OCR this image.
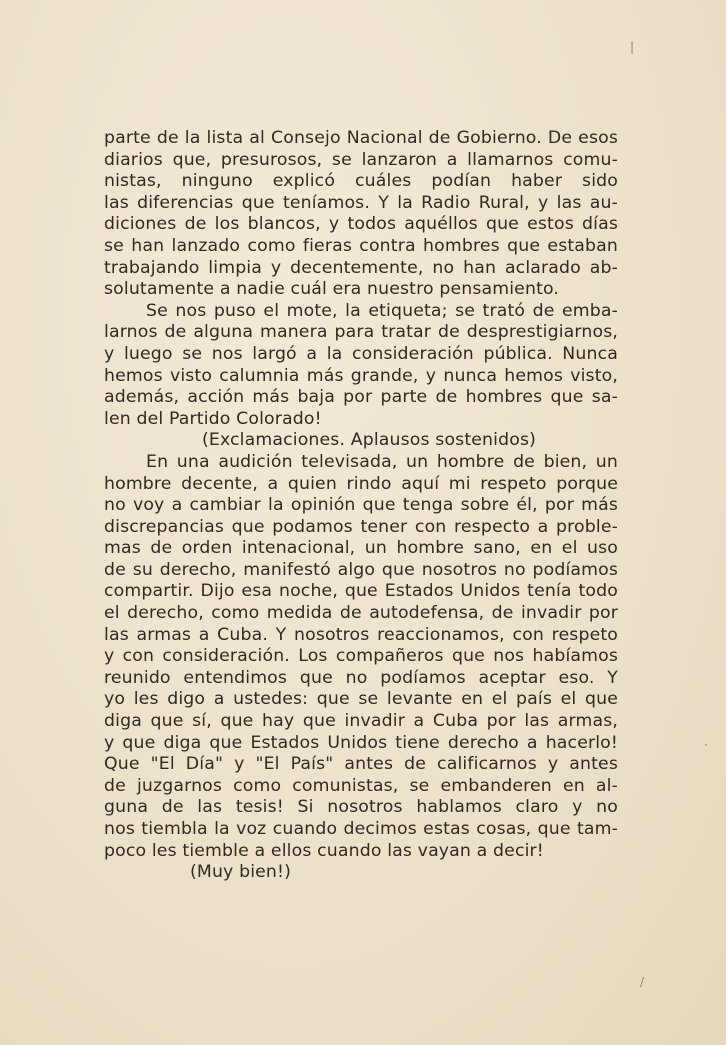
parte de la lista al Consejo Nacional de Gobierno. De esos
diarios que, presurosos, se lanzaron a llamarnos comu-
nistas, ninguno explicó cuáles podían haber sido
las diferencias que teníamos. Y la Radio Rural, y las au-
diciones de los blancos, y todos aquéllos que estos días
se han lanzado como fieras contra hombres que estaban
trabajando limpia y decentemente, no han aclarado ab-
solutamente a nadie cuál era nuestro pensamiento.
Se nos puso el mote, la etiqueta; se trató de emba-
larnos de alguna manera para tratar de desprestigiarnos,
y luego se nos largó a la consideración pública. Nunca
hemos visto calumnia más grande, y nunca hemos visto,
además, acción más baja por parte de hombres que sa-
len del Partido Colorado!
(Exclamaciones. Aplausos sostenidos)
En una audición televisada, un hombre de bien, un
hombre decente, a quien rindo aquí mi respeto porque
no voy a cambiar la opinión que tenga sobre él, por más
discrepancias que podamos tener con respecto a proble-
mas de orden intenacional, un hombre sano, en el uso
de su derecho, manifestó algo que nosotros no podíamos
compartir. Dijo esa noche, que Estados Unidos tenía todo
el derecho, como medida de autodefensa, de invadir por
las armas a Cuba. Y nosotros reaccionamos, con respeto
y con consideración. Los compañeros que nos habíamos
reunido entendimos que no podíamos aceptar eso. Y
yo les digo a ustedes: que se levante en el país el que
diga que sí, que hay que invadir a Cuba por las armas,
y que diga que Estados Unidos tiene derecho a hacerlo!
Que "El Día" y "El País" antes de calificarnos y antes
de juzgarnos como comunistas, se embanderen en al-
guna de las tesis! Si nosotros hablamos claro y no
nos tiembla la voz cuando decimos estas cosas, que tam-
poco les tiemble a ellos cuando las vayan a decir!
(Muy bien!)
|
·
/
